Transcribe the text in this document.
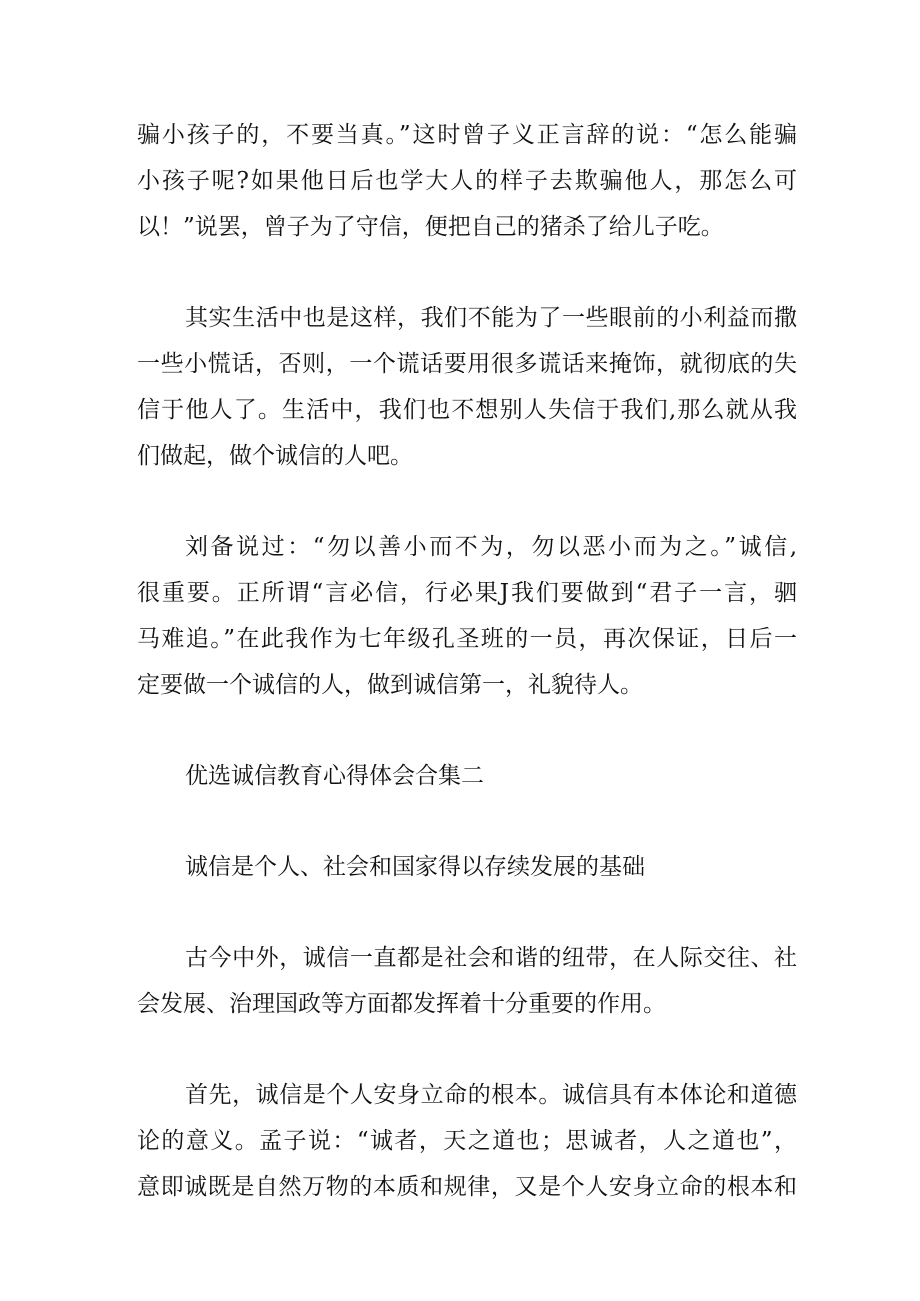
骗小孩子的，不要当真。”这时曾子义正言辞的说：“怎么能骗
小孩子呢?如果他日后也学大人的样子去欺骗他人，那怎么可
以！”说罢，曾子为了守信，便把自己的猪杀了给儿子吃。
其实生活中也是这样，我们不能为了一些眼前的小利益而撒
一些小慌话，否则，一个谎话要用很多谎话来掩饰，就彻底的失
信于他人了。生活中，我们也不想别人失信于我们,那么就从我
们做起，做个诚信的人吧。
刘备说过：“勿以善小而不为，勿以恶小而为之。”诚信,
很重要。正所谓“言必信，行必果J我们要做到“君子一言，驷
马难追。”在此我作为七年级孔圣班的一员，再次保证，日后一
定要做一个诚信的人，做到诚信第一，礼貌待人。
优选诚信教育心得体会合集二
诚信是个人、社会和国家得以存续发展的基础
古今中外，诚信一直都是社会和谐的纽带，在人际交往、社
会发展、治理国政等方面都发挥着十分重要的作用。
首先，诚信是个人安身立命的根本。诚信具有本体论和道德
论的意义。孟子说：“诚者，天之道也；思诚者，人之道也”，
意即诚既是自然万物的本质和规律，又是个人安身立命的根本和
